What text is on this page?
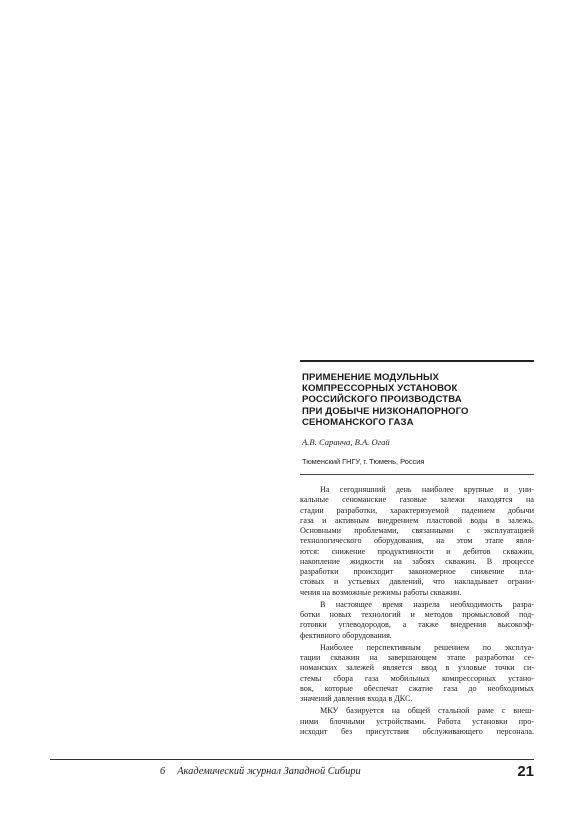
ПРИМЕНЕНИЕ МОДУЛЬНЫХ
КОМПРЕССОРНЫХ УСТАНОВОК
РОССИЙСКОГО ПРОИЗВОДСТВА
ПРИ ДОБЫЧЕ НИЗКОНАПОРНОГО
СЕНОМАНСКОГО ГАЗА
А.В. Саранча, В.А. Огай
Тюменский ГНГУ, г. Тюмень, Россия

На сегодняшний день наиболее крупные и уни-
кальные сеноманские газовые залежи находятся на
стадии разработки, характеризуемой падением добычи
газа и активным внедрением пластовой воды в залежь.
Основными проблемами, связанными с эксплуатацией
технологического оборудования, на этом этапе явля-
ются: снижение продуктивности и дебитов скважин,
накопление жидкости на забоях скважин. В процессе
разработки происходит закономерное снижение пла-
стовых и устьевых давлений, что накладывает ограни-
чения на возможные режимы работы скважин.

В настоящее время назрела необходимость разра-
ботки новых технологий и методов промысловой под-
готовки углеводородов, а также внедрения высокоэф-
фективного оборудования.

Наиболее перспективным решением по эксплуа-
тации скважин на завершающем этапе разработки се-
номанских залежей является ввод в узловые точки си-
стемы сбора газа мобильных компрессорных устано-
вок, которые обеспечат сжатие газа до необходимых
значений давления входа в ДКС.

МКУ базируется на общей стальной раме с внеш-
ними блочными устройствами. Работа установки про-
исходит без присутствия обслуживающего персонала.

6 Академический журнал Западной Сибири	21
